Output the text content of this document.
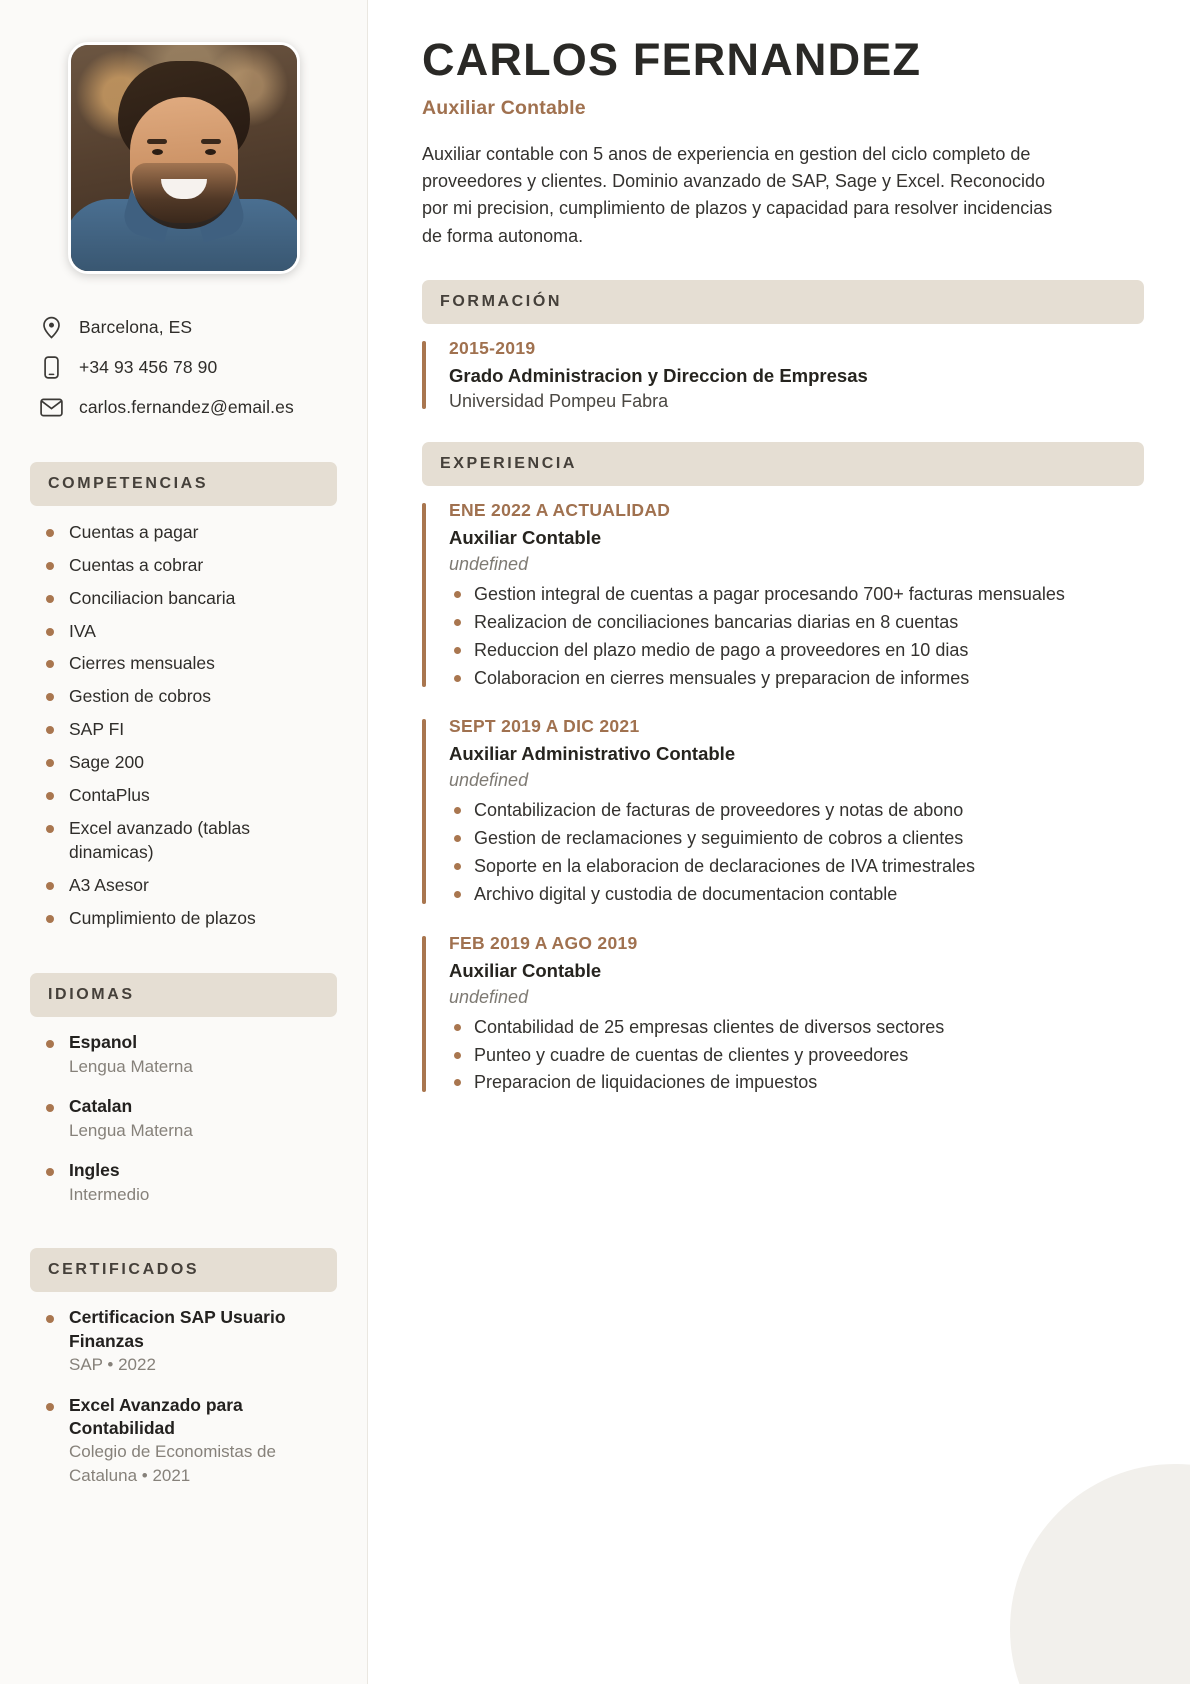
Barcelona, ES
+34 93 456 78 90
carlos.fernandez@email.es
COMPETENCIAS
Cuentas a pagar
Cuentas a cobrar
Conciliacion bancaria
IVA
Cierres mensuales
Gestion de cobros
SAP FI
Sage 200
ContaPlus
Excel avanzado (tablas dinamicas)
A3 Asesor
Cumplimiento de plazos
IDIOMAS
Espanol
Lengua Materna
Catalan
Lengua Materna
Ingles
Intermedio
CERTIFICADOS
Certificacion SAP Usuario Finanzas
SAP • 2022
Excel Avanzado para Contabilidad
Colegio de Economistas de Cataluna • 2021
CARLOS FERNANDEZ
Auxiliar Contable

Auxiliar contable con 5 anos de experiencia en gestion del ciclo completo de proveedores y clientes. Dominio avanzado de SAP, Sage y Excel. Reconocido por mi precision, cumplimiento de plazos y capacidad para resolver incidencias de forma autonoma.

FORMACIÓN
2015-2019
Grado Administracion y Direccion de Empresas
Universidad Pompeu Fabra
EXPERIENCIA
ENE 2022 A ACTUALIDAD
Auxiliar Contable
undefined
Gestion integral de cuentas a pagar procesando 700+ facturas mensuales
Realizacion de conciliaciones bancarias diarias en 8 cuentas
Reduccion del plazo medio de pago a proveedores en 10 dias
Colaboracion en cierres mensuales y preparacion de informes
SEPT 2019 A DIC 2021
Auxiliar Administrativo Contable
undefined
Contabilizacion de facturas de proveedores y notas de abono
Gestion de reclamaciones y seguimiento de cobros a clientes
Soporte en la elaboracion de declaraciones de IVA trimestrales
Archivo digital y custodia de documentacion contable
FEB 2019 A AGO 2019
Auxiliar Contable
undefined
Contabilidad de 25 empresas clientes de diversos sectores
Punteo y cuadre de cuentas de clientes y proveedores
Preparacion de liquidaciones de impuestos
